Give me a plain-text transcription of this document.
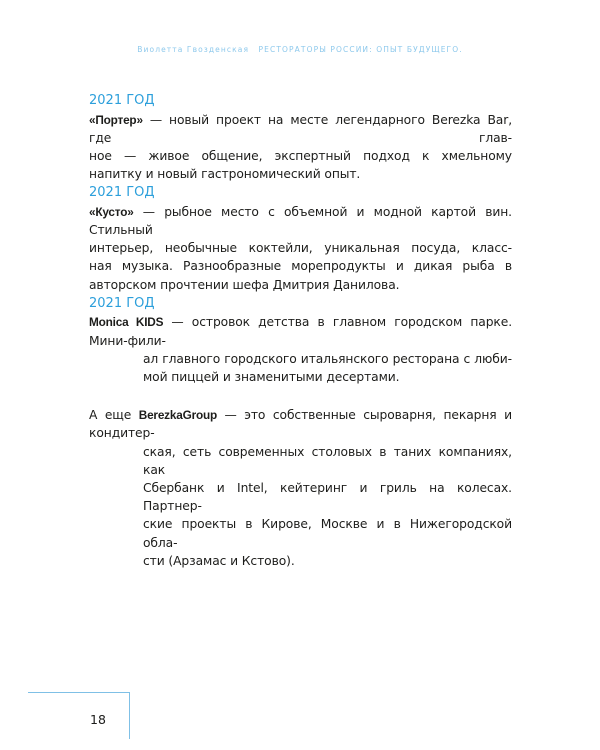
Виолетта Гвозденская РЕСТОРАТОРЫ РОССИИ: ОПЫТ БУДУЩЕГО.
2021 ГОД

«Портер» — новый проект на месте легендарного Berezka Bar, где глав-
ное — живое общение, экспертный подход к хмельному
напитку и новый гастрономический опыт.

2021 ГОД

«Кусто» — рыбное место с объемной и модной картой вин. Стильный
интерьер, необычные коктейли, уникальная посуда, класс-
ная музыка. Разнообразные морепродукты и дикая рыба в
авторском прочтении шефа Дмитрия Данилова.

2021 ГОД

Monica KIDS — островок детства в главном городском парке. Мини-фили-
ал главного городского итальянского ресторана с люби-
мой пиццей и знаменитыми десертами.

А еще BerezkaGroup — это собственные сыроварня, пекарня и кондитер-
ская, сеть современных столовых в таних компаниях, как
Сбербанк и Intel, кейтеринг и гриль на колесах. Партнер-
ские проекты в Кирове, Москве и в Нижегородской обла-
сти (Арзамас и Кстово).

18
